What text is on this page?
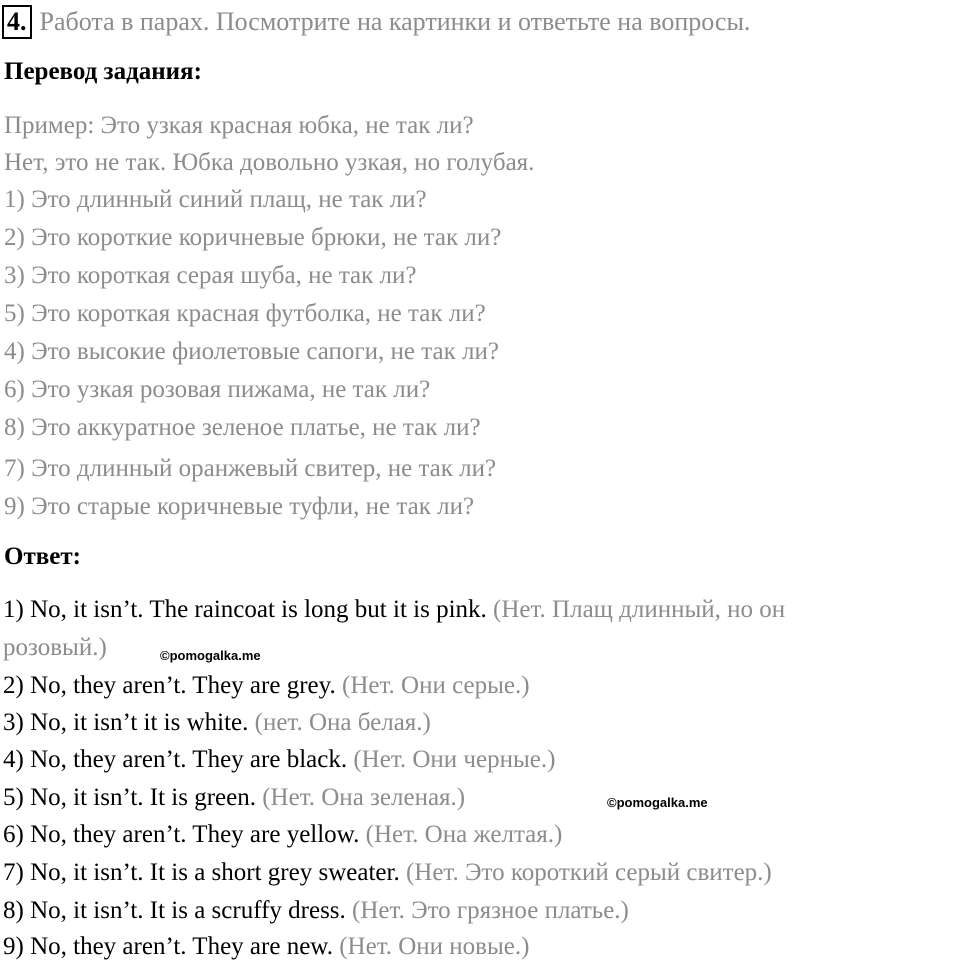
4. Работа в парах. Посмотрите на картинки и ответьте на вопросы.
Перевод задания:
Пример: Это узкая красная юбка, не так ли?
Нет, это не так. Юбка довольно узкая, но голубая.
1) Это длинный синий плащ, не так ли?
2) Это короткие коричневые брюки, не так ли?
3) Это короткая серая шуба, не так ли?
5) Это короткая красная футболка, не так ли?
4) Это высокие фиолетовые сапоги, не так ли?
6) Это узкая розовая пижама, не так ли?
8) Это аккуратное зеленое платье, не так ли?
7) Это длинный оранжевый свитер, не так ли?
9) Это старые коричневые туфли, не так ли?
Ответ:
1) No, it isn’t. The raincoat is long but it is pink. (Нет. Плащ длинный, но он
розовый.)	©pomogalka.me
2) No, they aren’t. They are grey. (Нет. Они серые.)
3) No, it isn’t it is white. (нет. Она белая.)
4) No, they aren’t. They are black. (Нет. Они черные.)
5) No, it isn’t. It is green. (Нет. Она зеленая.)	©pomogalka.me
6) No, they aren’t. They are yellow. (Нет. Она желтая.)
7) No, it isn’t. It is a short grey sweater. (Нет. Это короткий серый свитер.)
8) No, it isn’t. It is a scruffy dress. (Нет. Это грязное платье.)
9) No, they aren’t. They are new. (Нет. Они новые.)
